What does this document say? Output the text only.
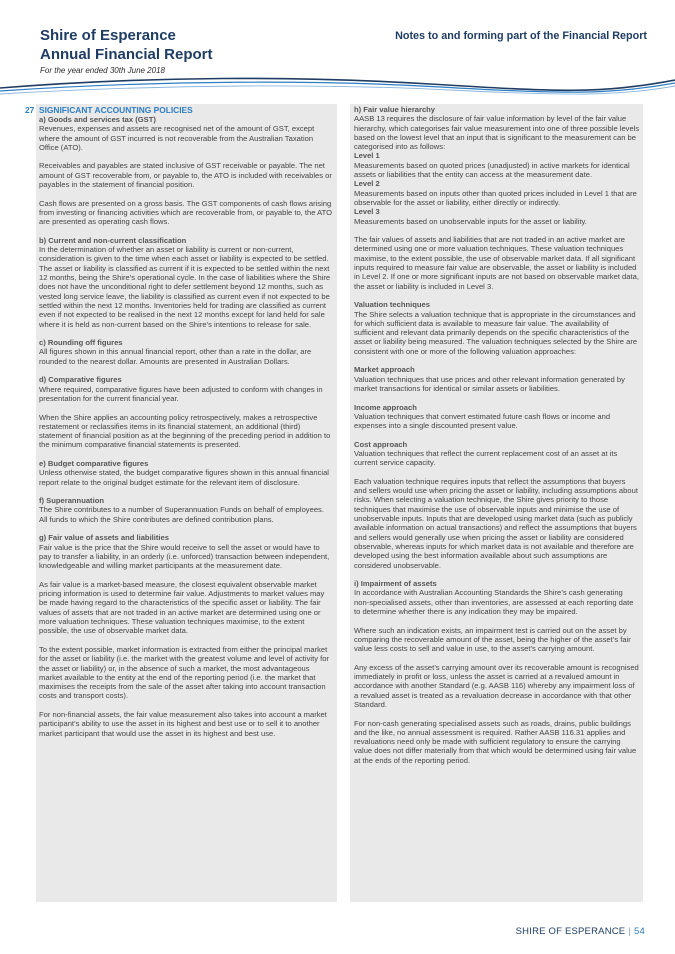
Shire of Esperance
Annual Financial Report
For the year ended 30th June 2018
Notes to and forming part of the Financial Report
27 SIGNIFICANT ACCOUNTING POLICIES
a) Goods and services tax (GST)
Revenues, expenses and assets are recognised net of the amount of GST, except where the amount of GST incurred is not recoverable from the Australian Taxation Office (ATO).
Receivables and payables are stated inclusive of GST receivable or payable. The net amount of GST recoverable from, or payable to, the ATO is included with receivables or payables in the statement of financial position.
Cash flows are presented on a gross basis. The GST components of cash flows arising from investing or financing activities which are recoverable from, or payable to, the ATO are presented as operating cash flows.
b) Current and non-current classification
In the determination of whether an asset or liability is current or non-current, consideration is given to the time when each asset or liability is expected to be settled. The asset or liability is classified as current if it is expected to be settled within the next 12 months, being the Shire’s operational cycle. In the case of liabilities where the Shire does not have the unconditional right to defer settlement beyond 12 months, such as vested long service leave, the liability is classified as current even if not expected to be settled within the next 12 months. Inventories held for trading are classified as current even if not expected to be realised in the next 12 months except for land held for sale where it is held as non-current based on the Shire’s intentions to release for sale.
c) Rounding off figures
All figures shown in this annual financial report, other than a rate in the dollar, are rounded to the nearest dollar. Amounts are presented in Australian Dollars.
d) Comparative figures
Where required, comparative figures have been adjusted to conform with changes in presentation for the current financial year.
When the Shire applies an accounting policy retrospectively, makes a retrospective restatement or reclassifies items in its financial statement, an additional (third) statement of financial position as at the beginning of the preceding period in addition to the minimum comparative financial statements is presented.
e) Budget comparative figures
Unless otherwise stated, the budget comparative figures shown in this annual financial report relate to the original budget estimate for the relevant item of disclosure.
f) Superannuation
The Shire contributes to a number of Superannuation Funds on behalf of employees. All funds to which the Shire contributes are defined contribution plans.
g) Fair value of assets and liabilities
Fair value is the price that the Shire would receive to sell the asset or would have to pay to transfer a liability, in an orderly (i.e. unforced) transaction between independent, knowledgeable and willing market participants at the measurement date.
As fair value is a market-based measure, the closest equivalent observable market pricing information is used to determine fair value. Adjustments to market values may be made having regard to the characteristics of the specific asset or liability. The fair values of assets that are not traded in an active market are determined using one or more valuation techniques. These valuation techniques maximise, to the extent possible, the use of observable market data.
To the extent possible, market information is extracted from either the principal market for the asset or liability (i.e. the market with the greatest volume and level of activity for the asset or liability) or, in the absence of such a market, the most advantageous market available to the entity at the end of the reporting period (i.e. the market that maximises the receipts from the sale of the asset after taking into account transaction costs and transport costs).
For non-financial assets, the fair value measurement also takes into account a market participant’s ability to use the asset in its highest and best use or to sell it to another market participant that would use the asset in its highest and best use.
h) Fair value hierarchy
AASB 13 requires the disclosure of fair value information by level of the fair value hierarchy, which categorises fair value measurement into one of three possible levels based on the lowest level that an input that is significant to the measurement can be categorised into as follows:
Level 1
Measurements based on quoted prices (unadjusted) in active markets for identical assets or liabilities that the entity can access at the measurement date.
Level 2
Measurements based on inputs other than quoted prices included in Level 1 that are observable for the asset or liability, either directly or indirectly.
Level 3
Measurements based on unobservable inputs for the asset or liability.
The fair values of assets and liabilities that are not traded in an active market are determined using one or more valuation techniques. These valuation techniques maximise, to the extent possible, the use of observable market data. If all significant inputs required to measure fair value are observable, the asset or liability is included in Level 2. If one or more significant inputs are not based on observable market data, the asset or liability is included in Level 3.
Valuation techniques
The Shire selects a valuation technique that is appropriate in the circumstances and for which sufficient data is available to measure fair value. The availability of sufficient and relevant data primarily depends on the specific characteristics of the asset or liability being measured. The valuation techniques selected by the Shire are consistent with one or more of the following valuation approaches:
Market approach
Valuation techniques that use prices and other relevant information generated by market transactions for identical or similar assets or liabilities.
Income approach
Valuation techniques that convert estimated future cash flows or income and expenses into a single discounted present value.
Cost approach
Valuation techniques that reflect the current replacement cost of an asset at its current service capacity.
Each valuation technique requires inputs that reflect the assumptions that buyers and sellers would use when pricing the asset or liability, including assumptions about risks. When selecting a valuation technique, the Shire gives priority to those techniques that maximise the use of observable inputs and minimise the use of unobservable inputs. Inputs that are developed using market data (such as publicly available information on actual transactions) and reflect the assumptions that buyers and sellers would generally use when pricing the asset or liability are considered observable, whereas inputs for which market data is not available and therefore are developed using the best information available about such assumptions are considered unobservable.
i) Impairment of assets
In accordance with Australian Accounting Standards the Shire’s cash generating non-specialised assets, other than inventories, are assessed at each reporting date to determine whether there is any indication they may be impaired.
Where such an indication exists, an impairment test is carried out on the asset by comparing the recoverable amount of the asset, being the higher of the asset’s fair value less costs to sell and value in use, to the asset’s carrying amount.
Any excess of the asset’s carrying amount over its recoverable amount is recognised immediately in profit or loss, unless the asset is carried at a revalued amount in accordance with another Standard (e.g. AASB 116) whereby any impairment loss of a revalued asset is treated as a revaluation decrease in accordance with that other Standard.
For non-cash generating specialised assets such as roads, drains, public buildings and the like, no annual assessment is required. Rather AASB 116.31 applies and revaluations need only be made with sufficient regulatory to ensure the carrying value does not differ materially from that which would be determined using fair value at the ends of the reporting period.
SHIRE OF ESPERANCE | 54
